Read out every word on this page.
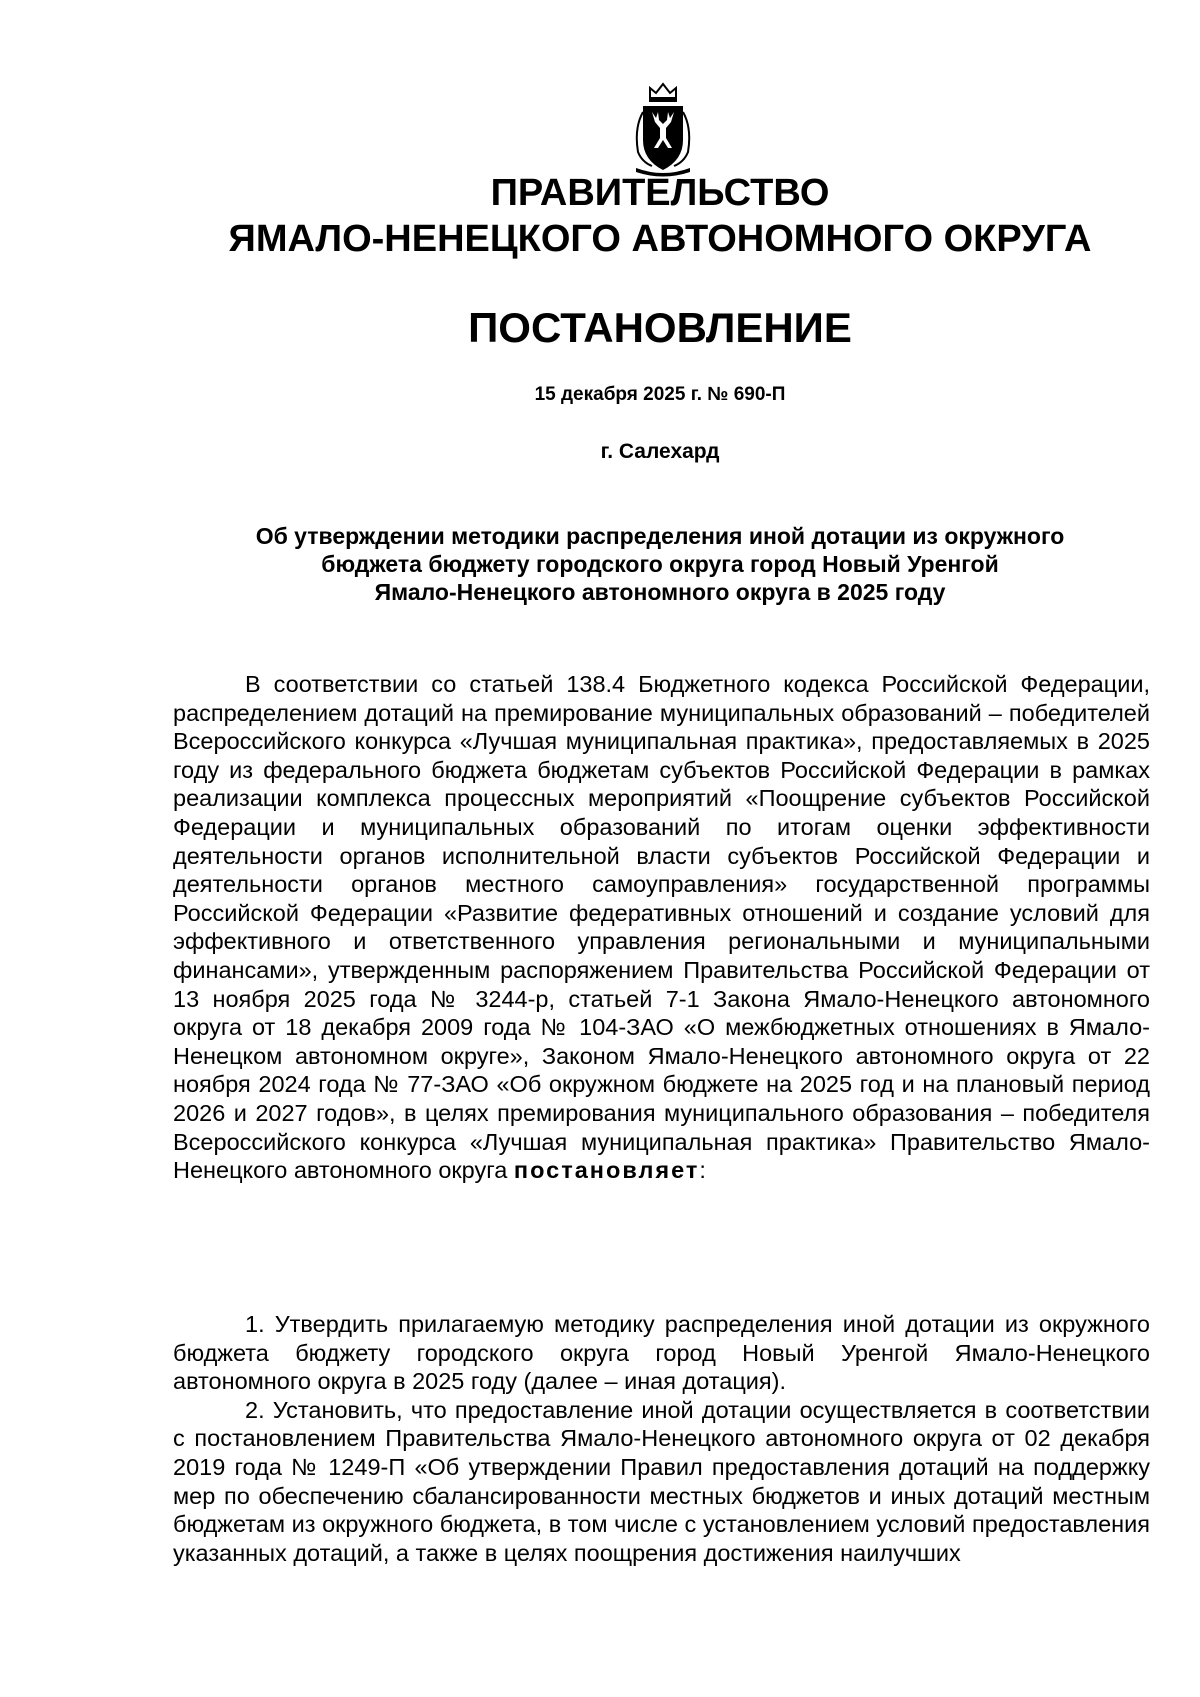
ПРАВИТЕЛЬСТВО
ЯМАЛО-НЕНЕЦКОГО АВТОНОМНОГО ОКРУГА
ПОСТАНОВЛЕНИЕ
15 декабря 2025 г. № 690-П
г. Салехард
Об утверждении методики распределения иной дотации из окружного
бюджета бюджету городского округа город Новый Уренгой
Ямало-Ненецкого автономного округа в 2025 году

В соответствии со статьей 138.4 Бюджетного кодекса Российской Федерации, распределением дотаций на премирование муниципальных образований – победителей Всероссийского конкурса «Лучшая муниципальная практика», предоставляемых в 2025 году из федерального бюджета бюджетам субъектов Российской Федерации в рамках реализации комплекса процессных мероприятий «Поощрение субъектов Российской Федерации и муниципальных образований по итогам оценки эффективности деятельности органов исполнительной власти субъектов Российской Федерации и деятельности органов местного самоуправления» государственной программы Российской Федерации «Развитие федеративных отношений и создание условий для эффективного и ответственного управления региональными и муниципальными финансами», утвержденным распоряжением Правительства Российской Федерации от 13 ноября 2025 года № 3244-р, статьей 7-1 Закона Ямало-Ненецкого автономного округа от 18 декабря 2009 года № 104-ЗАО «О межбюджетных отношениях в Ямало-Ненецком автономном округе», Законом Ямало-Ненецкого автономного округа от 22 ноября 2024 года № 77-ЗАО «Об окружном бюджете на 2025 год и на плановый период 2026 и 2027 годов», в целях премирования муниципального образования – победителя Всероссийского конкурса «Лучшая муниципальная практика» Правительство Ямало-Ненецкого автономного округа постановляет:

1. Утвердить прилагаемую методику распределения иной дотации из окружного бюджета бюджету городского округа город Новый Уренгой Ямало-Ненецкого автономного округа в 2025 году (далее – иная дотация).

2. Установить, что предоставление иной дотации осуществляется в соответствии с постановлением Правительства Ямало-Ненецкого автономного округа от 02 декабря 2019 года № 1249-П «Об утверждении Правил предоставления дотаций на поддержку мер по обеспечению сбалансированности местных бюджетов и иных дотаций местным бюджетам из окружного бюджета, в том числе с установлением условий предоставления указанных дотаций, а также в целях поощрения достижения наилучших
